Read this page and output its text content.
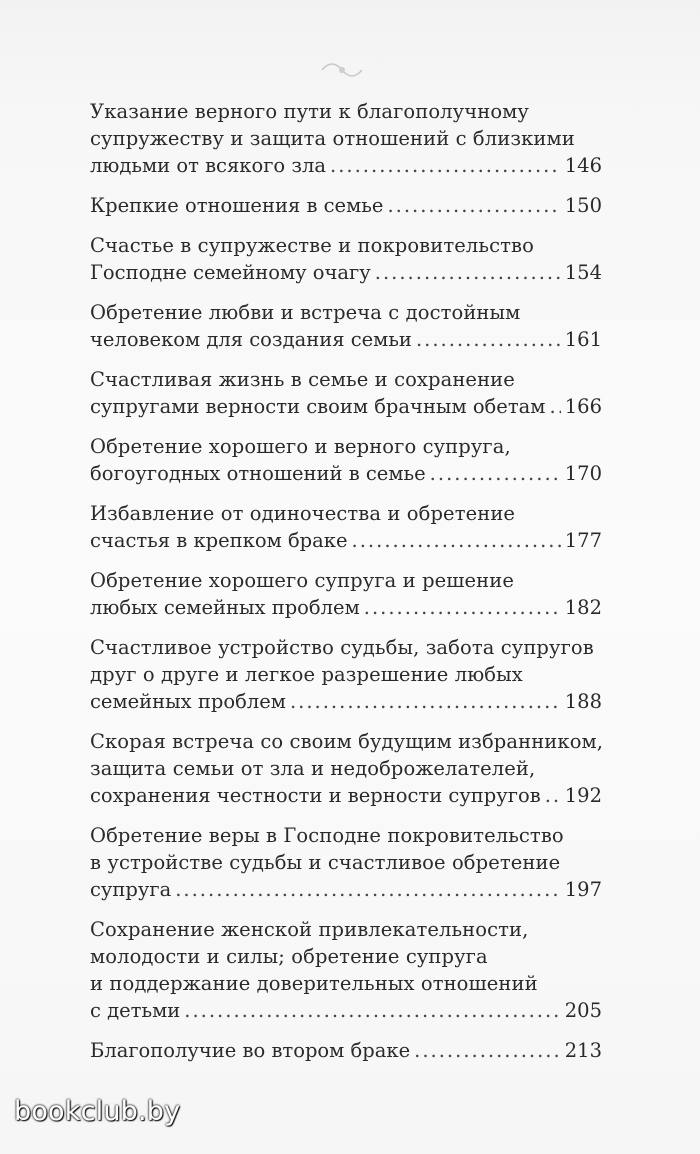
Указание верного пути к благополучному
супружеству и защита отношений с близкими
людьми от всякого зла .....	146
Крепкие отношения в семье .....	150
Счастье в супружестве и покровительство
Господне семейному очагу .....	154
Обретение любви и встреча с достойным
человеком для создания семьи .....	161
Счастливая жизнь в семье и сохранение
супругами верности своим брачным обетам ..... 166
Обретение хорошего и верного супруга,
богоугодных отношений в семье .....	170
Избавление от одиночества и обретение
счастья в крепком браке .....	177
Обретение хорошего супруга и решение
любых семейных проблем .....	182
Счастливое устройство судьбы, забота супругов
друг о друге и легкое разрешение любых
семейных проблем .....	188
Скорая встреча со своим будущим избранником,
защита семьи от зла и недоброжелателей,
сохранения честности и верности супругов ..... 192
Обретение веры в Господне покровительство
в устройстве судьбы и счастливое обретение
супруга .....	197
Сохранение женской привлекательности,
молодости и силы; обретение супруга
и поддержание доверительных отношений
с детьми .....	205
Благополучие во втором браке .....	213
bookclub.by
